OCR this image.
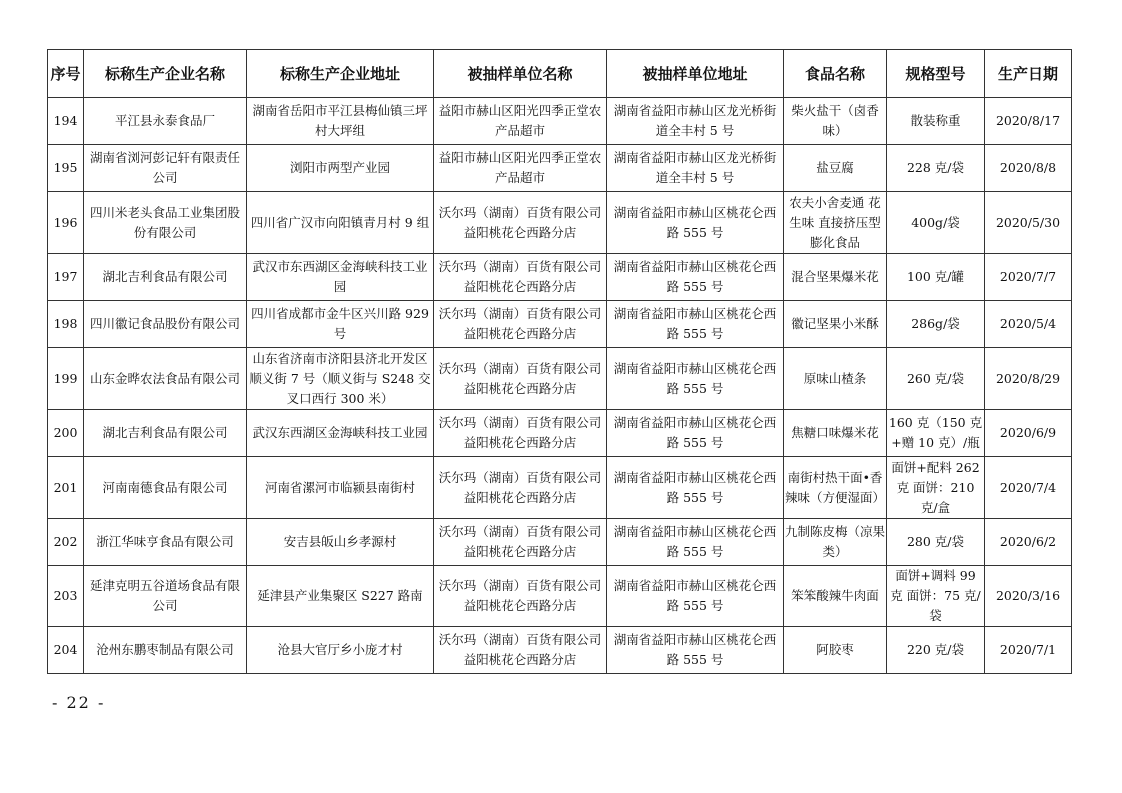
序号	标称生产企业名称	标称生产企业地址	被抽样单位名称	被抽样单位地址	食品名称	规格型号	生产日期
194	平江县永泰食品厂	湖南省岳阳市平江县梅仙镇三坪村大坪组	益阳市赫山区阳光四季正堂农产品超市	湖南省益阳市赫山区龙光桥街道全丰村 5 号	柴火盐干（卤香味）	散装称重	2020/8/17
195	湖南省浏河彭记轩有限责任公司	浏阳市两型产业园	益阳市赫山区阳光四季正堂农产品超市	湖南省益阳市赫山区龙光桥街道全丰村 5 号	盐豆腐	228 克/袋	2020/8/8
196	四川米老头食品工业集团股份有限公司	四川省广汉市向阳镇青月村 9 组	沃尔玛（湖南）百货有限公司益阳桃花仑西路分店	湖南省益阳市赫山区桃花仑西路 555 号	农夫小舍麦通 花生味 直接挤压型膨化食品	400g/袋	2020/5/30
197	湖北吉利食品有限公司	武汉市东西湖区金海峡科技工业园	沃尔玛（湖南）百货有限公司益阳桃花仑西路分店	湖南省益阳市赫山区桃花仑西路 555 号	混合坚果爆米花	100 克/罐	2020/7/7
198	四川徽记食品股份有限公司	四川省成都市金牛区兴川路 929 号	沃尔玛（湖南）百货有限公司益阳桃花仑西路分店	湖南省益阳市赫山区桃花仑西路 555 号	徽记坚果小米酥	286g/袋	2020/5/4
199	山东金晔农法食品有限公司	山东省济南市济阳县济北开发区顺义街 7 号（顺义街与 S248 交叉口西行 300 米）	沃尔玛（湖南）百货有限公司益阳桃花仑西路分店	湖南省益阳市赫山区桃花仑西路 555 号	原味山楂条	260 克/袋	2020/8/29
200	湖北吉利食品有限公司	武汉东西湖区金海峡科技工业园	沃尔玛（湖南）百货有限公司益阳桃花仑西路分店	湖南省益阳市赫山区桃花仑西路 555 号	焦糖口味爆米花	160 克（150 克+赠 10 克）/瓶	2020/6/9
201	河南南德食品有限公司	河南省漯河市临颍县南街村	沃尔玛（湖南）百货有限公司益阳桃花仑西路分店	湖南省益阳市赫山区桃花仑西路 555 号	南街村热干面•香辣味（方便湿面）	面饼+配料 262 克 面饼：210 克/盒	2020/7/4
202	浙江华味亨食品有限公司	安吉县皈山乡孝源村	沃尔玛（湖南）百货有限公司益阳桃花仑西路分店	湖南省益阳市赫山区桃花仑西路 555 号	九制陈皮梅（凉果类）	280 克/袋	2020/6/2
203	延津克明五谷道场食品有限公司	延津县产业集聚区 S227 路南	沃尔玛（湖南）百货有限公司益阳桃花仑西路分店	湖南省益阳市赫山区桃花仑西路 555 号	笨笨酸辣牛肉面	面饼+调料 99 克 面饼：75 克/袋	2020/3/16
204	沧州东鹏枣制品有限公司	沧县大官厅乡小庞才村	沃尔玛（湖南）百货有限公司益阳桃花仑西路分店	湖南省益阳市赫山区桃花仑西路 555 号	阿胶枣	220 克/袋	2020/7/1
- 22 -
